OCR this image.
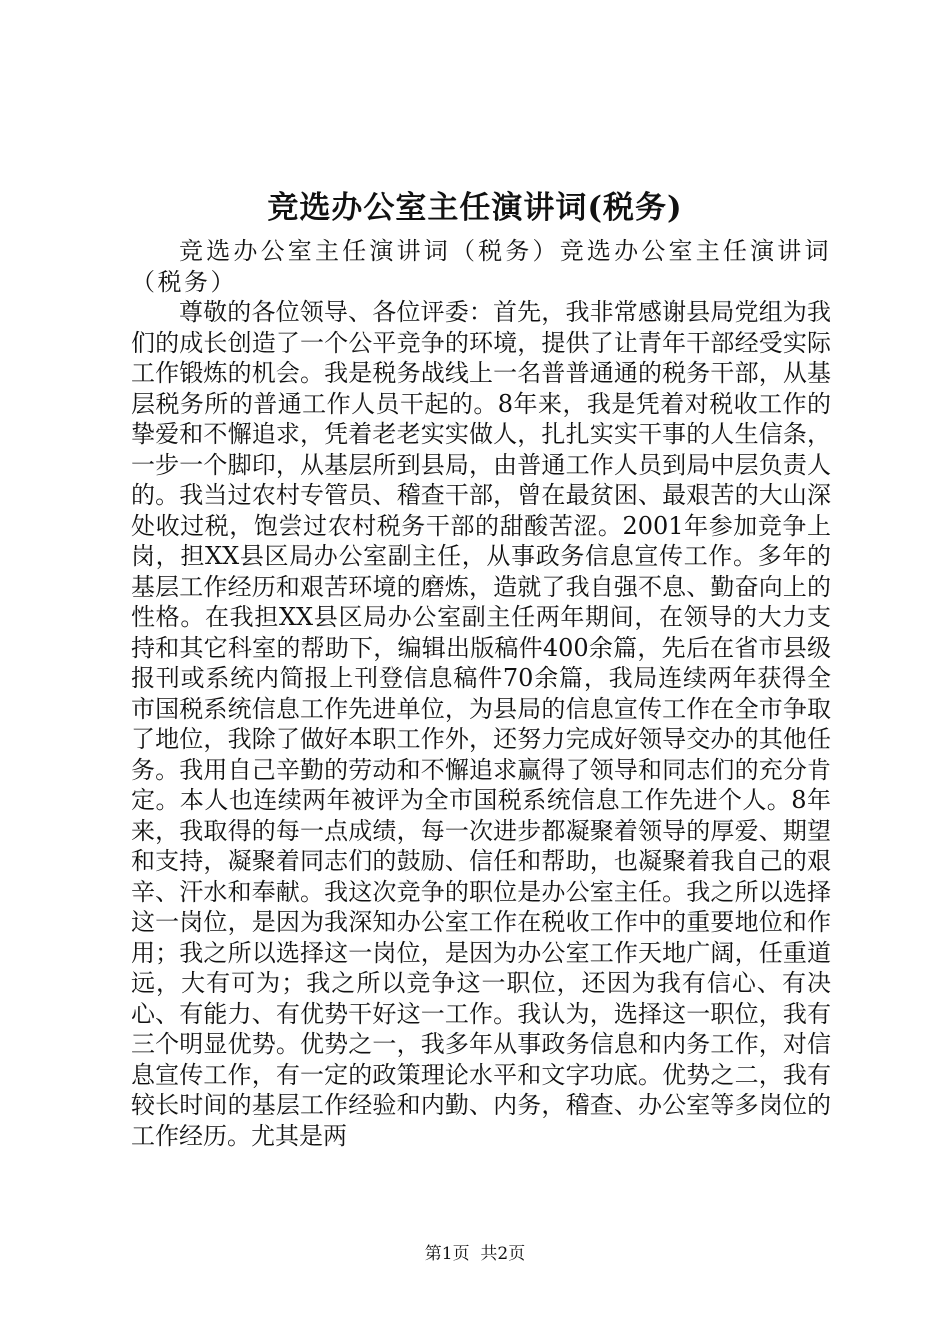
竞选办公室主任演讲词(税务)

竞选办公室主任演讲词（税务）竞选办公室主任演讲词（税务）

尊敬的各位领导、各位评委：首先，我非常感谢县局党组为我们的成长创造了一个公平竞争的环境，提供了让青年干部经受实际工作锻炼的机会。我是税务战线上一名普普通通的税务干部，从基层税务所的普通工作人员干起的。8年来，我是凭着对税收工作的挚爱和不懈追求，凭着老老实实做人，扎扎实实干事的人生信条，一步一个脚印，从基层所到县局，由普通工作人员到局中层负责人的。我当过农村专管员、稽查干部，曾在最贫困、最艰苦的大山深处收过税，饱尝过农村税务干部的甜酸苦涩。2001年参加竞争上岗，担XX县区局办公室副主任，从事政务信息宣传工作。多年的基层工作经历和艰苦环境的磨炼，造就了我自强不息、勤奋向上的性格。在我担XX县区局办公室副主任两年期间，在领导的大力支持和其它科室的帮助下，编辑出版稿件400余篇，先后在省市县级报刊或系统内简报上刊登信息稿件70余篇，我局连续两年获得全市国税系统信息工作先进单位，为县局的信息宣传工作在全市争取了地位，我除了做好本职工作外，还努力完成好领导交办的其他任务。我用自己辛勤的劳动和不懈追求赢得了领导和同志们的充分肯定。本人也连续两年被评为全市国税系统信息工作先进个人。8年来，我取得的每一点成绩，每一次进步都凝聚着领导的厚爱、期望和支持，凝聚着同志们的鼓励、信任和帮助，也凝聚着我自己的艰辛、汗水和奉献。我这次竞争的职位是办公室主任。我之所以选择这一岗位，是因为我深知办公室工作在税收工作中的重要地位和作用；我之所以选择这一岗位，是因为办公室工作天地广阔，任重道远，大有可为；我之所以竞争这一职位，还因为我有信心、有决心、有能力、有优势干好这一工作。我认为，选择这一职位，我有三个明显优势。优势之一，我多年从事政务信息和内务工作，对信息宣传工作，有一定的政策理论水平和文字功底。优势之二，我有较长时间的基层工作经验和内勤、内务，稽查、办公室等多岗位的工作经历。尤其是两

第1页 共2页
